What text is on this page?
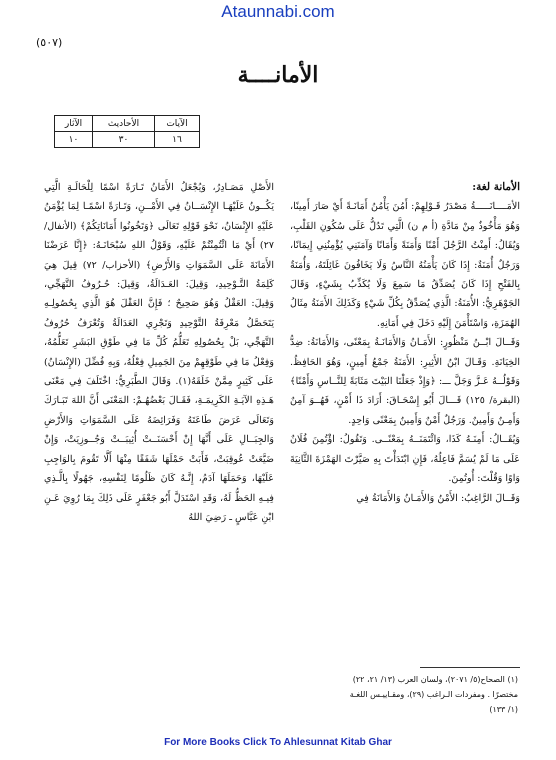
Ataunnabi.com
(٥٠٧)
الأمانــــة
الآيات	الأحاديث	الآثار
١٦	٣٠	١٠

الأمانة لغة:

الأمَــــانَـــــةُ مَصْدَرُ قَـوْلِهِمْ: أَمُنَ يَأْمُنُ أَمَانَـةً أَيْ صَارَ أَمِينًا، وَهُوَ مَأْخُوذٌ مِنْ مَادَّةِ (أ م ن) الَّتِي تَدُلُّ عَلَى سُكُونِ القَلْبِ، وَيُقَالُ: أَمِنْتُ الرَّجُلَ أَمْنًا وَأَمَنَةً وَأَمَانًا وَآمَنَنِي يُؤْمِنُنِي إِيمَانًا، وَرَجُلٌ أُمَنَةٌ: إِذَا كَانَ يَأْمَنُهُ النَّاسُ وَلَا يَخَافُونَ غَائِلَتَهُ، وَأُمَنَةٌ بِالفَتْحِ إِذَا كَانَ يُصَدِّقُ مَا سَمِعَ وَلَا يُكَذِّبُ بِشَيْءٍ، وَقَالَ الجَوْهَرِيُّ: الأُمَنَةُ: الَّذِي يُصَدِّقُ بِكُلِّ شَيْءٍ وَكَذَلِكَ الأَمَنَةُ مِثَالُ الهُمَزَةِ، وَاسْتَأْمَنَ إِلَيْهِ دَخَلَ فِي أَمَانِهِ.

وَقَــالَ ابْــنُ مَنْظُورٍ: الأَمَـانُ وَالأَمَانَـةُ بِمَعْنًى، وَالأَمَانَةُ: ضِدُّ الخِيَانَةِ. وَقَـالَ ابْنُ الأَثِيرِ: الأَمَنَةُ جَمْعُ أَمِينٍ، وَهُوَ الحَافِظُ. وَقَوْلُــهُ عَـزَّ وَجَلَّ ـــ: ﴿وَإِذْ جَعَلْنَا البَيْتَ مَثَابَةً لِلنَّــاسِ وَأَمْنًا﴾ (البقرة/ ١٢٥) قَـــالَ أَبُو إِسْحَـاقَ: أَرَادَ ذَا أَمْنٍ، فَهُــوَ آمِنٌ وَأَمِـنٌ وَأَمِينٌ. وَرَجُلٌ أَمْنٌ وَأَمِينٌ بِمَعْنًى وَاحِدٍ.

وَيُقَــالُ: أَمِنَـهُ كَذَا، وَائْتَمَنَــهُ بِمَعْنًــى. وَتَقُولُ: اؤْتُمِنَ فُلَانٌ عَلَى مَا لَمْ يُسَمَّ فَاعِلُهُ، فَإِنِ ابْتَدَأْتَ بِهِ صَيَّرْتَ الهَمْزَةَ الثَّانِيَةَ وَاوًا وَقُلْتَ: أُوتُمِنَ.

وَقَــالَ الرَّاغِبُ: الأَمْنُ وَالأَمَـانُ وَالأَمَانَةُ فِي

الأَصْلِ مَصَـادِرُ، وَيُجْعَلُ الأَمَانُ تَـارَةً اسْمًا لِلْحَالَـةِ الَّتِي يَكُــونُ عَلَيْهَـا الإِنْسَــانُ فِي الأَمْــنِ، وَتَـارَةً اسْمًـا لِمَا يُؤْمَنُ عَلَيْهِ الإِنْسَانُ، نَحْوَ قَوْلِهِ تَعَالَى ﴿وَتَخُونُوا أَمَانَاتِكُمْ﴾ (الأنفال/ ٢٧) أَيْ مَا ائْتُمِنْتُمْ عَلَيْهِ، وَقَوْلُ اللهِ سُبْحَانَـهُ: ﴿إِنَّا عَرَضْنَا الأَمَانَةَ عَلَى السَّمَوَاتِ وَالأَرْضِ﴾ (الأحزاب/ ٧٢) قِيلَ هِيَ كَلِمَةُ التَّـوْحِيدِ، وَقِيلَ: العَـدَالَةُ، وَقِيلَ: حُـرُوفُ التَّهَجِّي، وَقِيلَ: العَقْلُ وَهُوَ صَحِيحٌ ؛ فَإِنَّ العَقْلَ هُوَ الَّذِي بِحُصُولِـهِ يَتَحَصَّلُ مَعْرِفَةُ التَّوْحِيدِ وَتَجْرِي العَدَالَةُ وَتُعْرَفُ حُرُوفُ التَّهَجِّي، بَلْ بِحُصُولِهِ تَعَلُّمُ كُلِّ مَا فِي طَوْقِ البَشَرِ تَعَلُّمُهُ، وَفِعْلُ مَا فِي طَوْقِهِمْ مِنَ الجَمِيلِ فِعْلُهُ، وَبِهِ فُضِّلَ (الإِنْسَانُ) عَلَى كَثِيرٍ مِمَّنْ خَلَقَهُ(١). وَقَالَ الطَّبَرِيُّ: اخْتَلَفَ فِي مَعْنَى هَـذِهِ الآيَـةِ الكَرِيمَـةِ، فَقَـالَ بَعْضُهُـمْ: المَعْنَى أَنَّ اللهَ تَبَـارَكَ وَتَعَالَى عَرَضَ طَاعَتَهُ وَفَرَائِضَهُ عَلَى السَّمَوَاتِ وَالأَرْضِ وَالجِبَــالِ عَلَى أَنَّهَا إِنْ أَحْسَنَــتْ أُثِيبَــتْ وَجُــوزِيَتْ، وَإِنْ ضَيَّعَتْ عُوقِبَتْ، فَأَبَتْ حَمْلَهَا شَفَقًا مِنْهَا أَلَّا تَقُومَ بِالوَاجِبِ عَلَيْهَا، وَحَمَلَهَا آدَمُ، إِنَّـهُ كَانَ ظَلُومًا لِنَفْسِهِ، جَهُولًا بِالَّـذِي فِيـهِ الحَظُّ لَهُ، وَقَدِ اسْتَدَلَّ أَبُو جَعْفَرٍ عَلَى ذَلِكَ بِمَا رُوِيَ عَـنِ ابْنِ عَبَّاسٍ ـ رَضِيَ اللهُ

(١) الصحاح(٥/ ٢٠٧١)، ولسان العرب (١٣/ ٢١، ٢٢)

مختصرًا . ومفردات الـراغب (٢٩)، ومقـاييـس اللغـة

(١/ ١٣٣)

For More Books Click To Ahlesunnat Kitab Ghar
